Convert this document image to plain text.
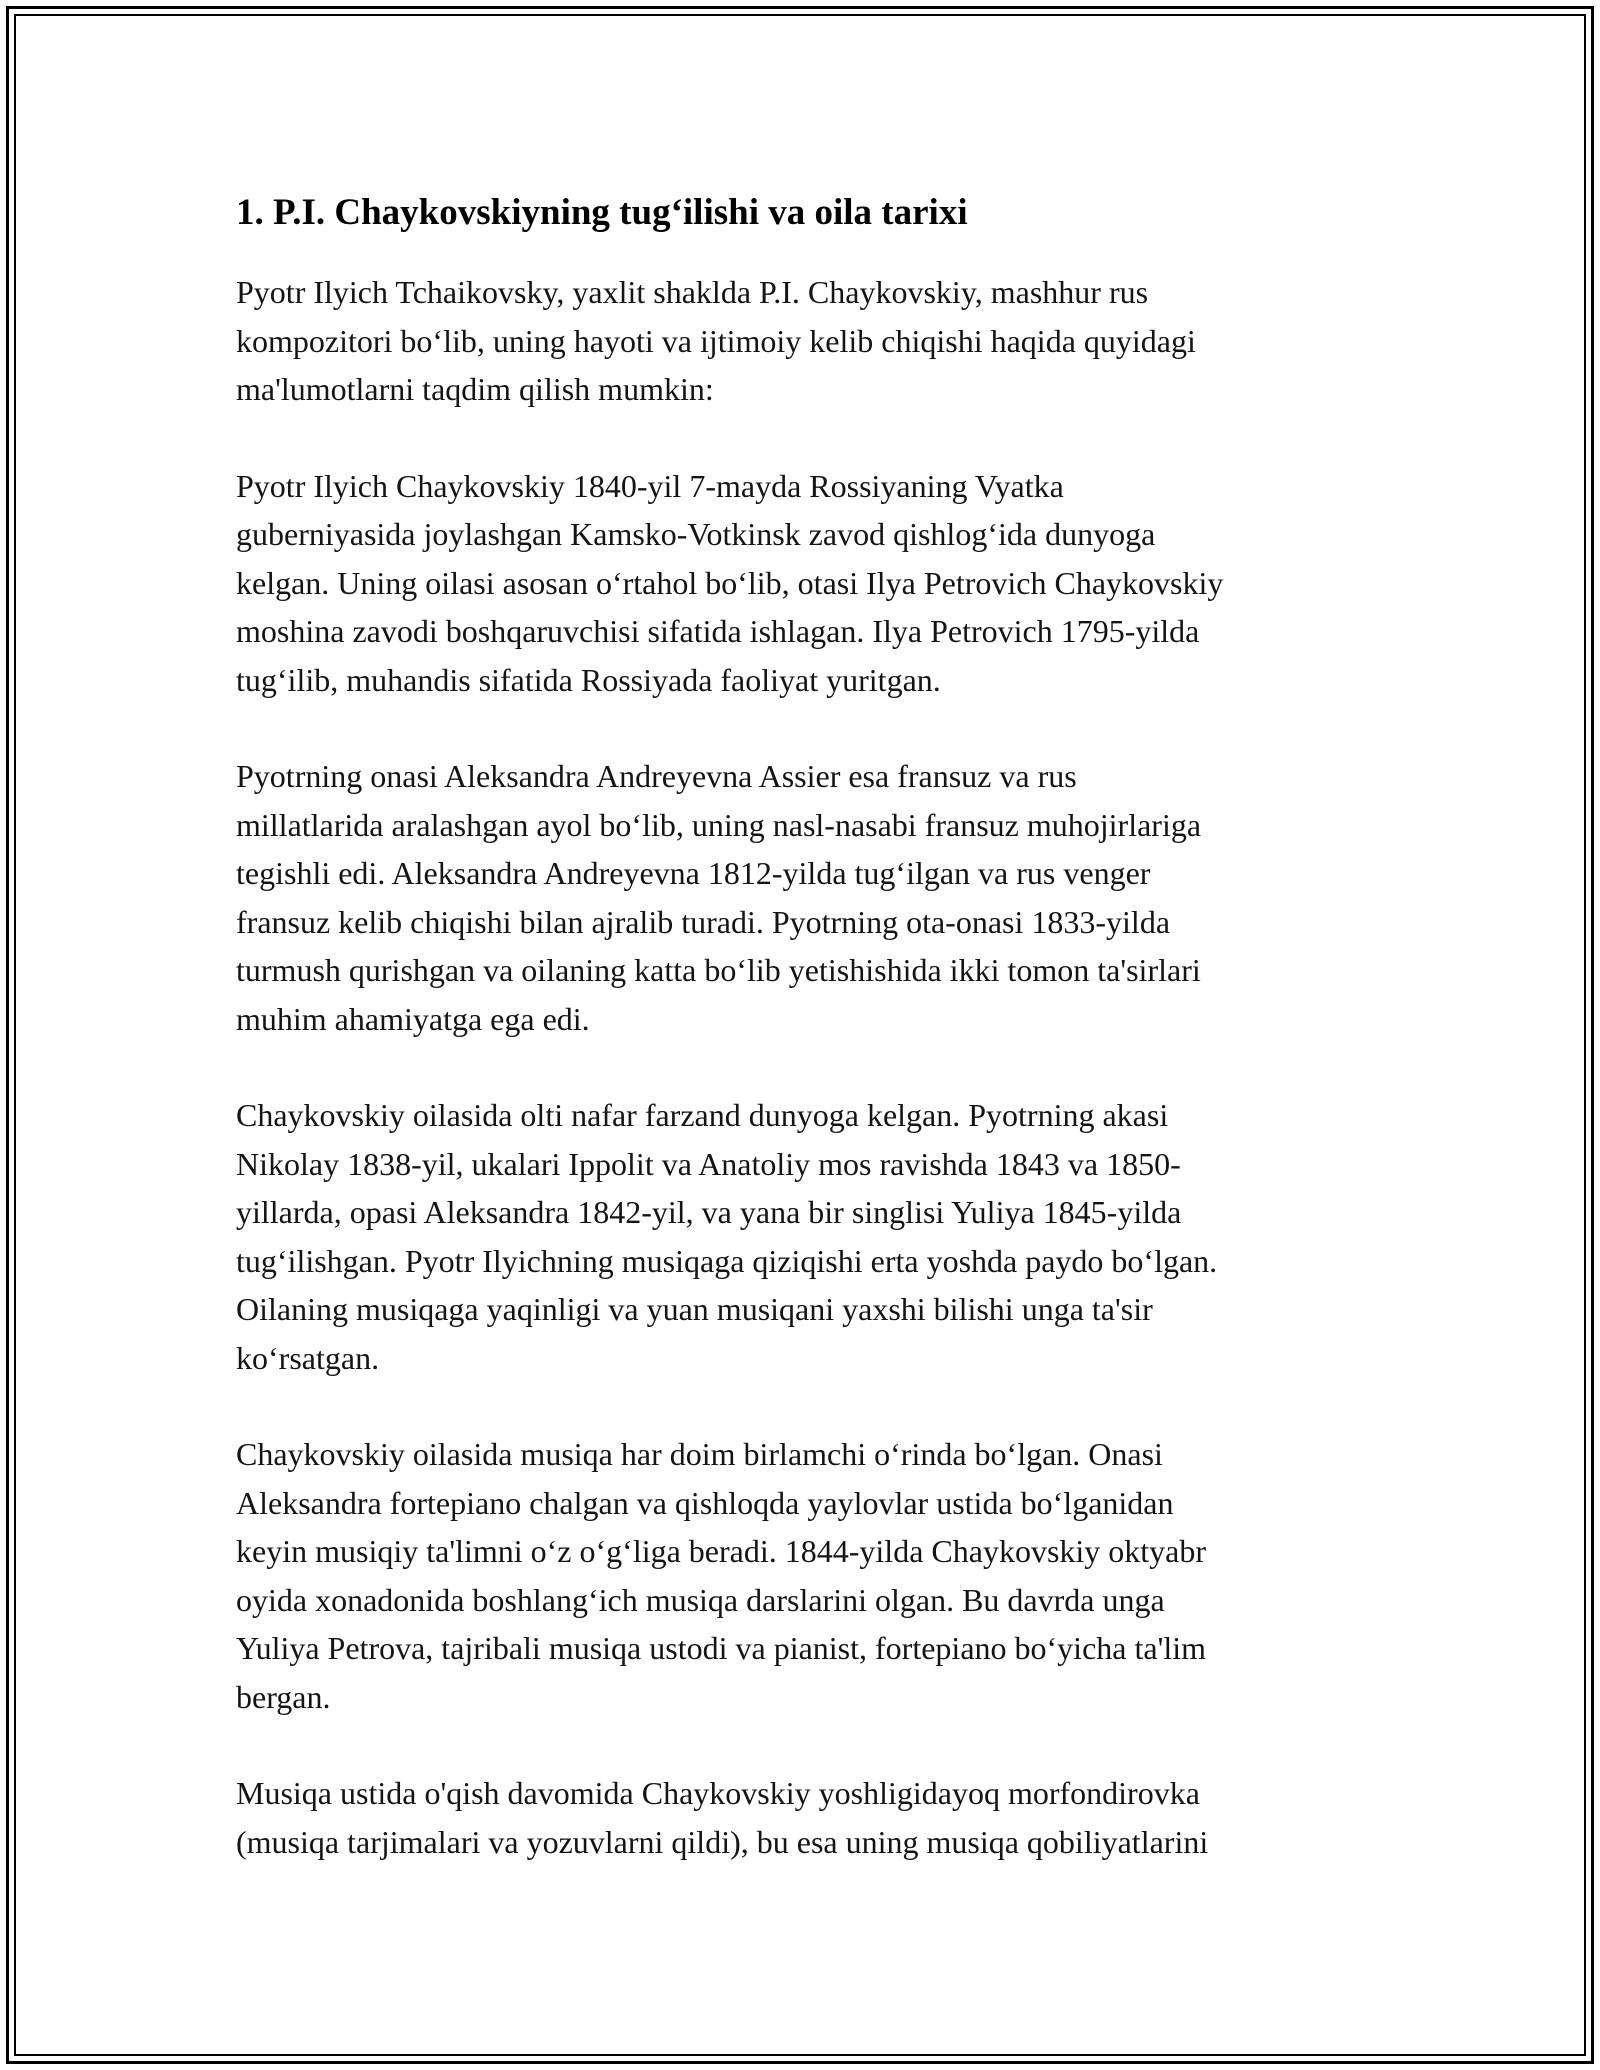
1. P.I. Chaykovskiyning tug‘ilishi va oila tarixi

Pyotr Ilyich Tchaikovsky, yaxlit shaklda P.I. Chaykovskiy, mashhur rus
kompozitori bo‘lib, uning hayoti va ijtimoiy kelib chiqishi haqida quyidagi
ma'lumotlarni taqdim qilish mumkin:

Pyotr Ilyich Chaykovskiy 1840-yil 7-mayda Rossiyaning Vyatka
guberniyasida joylashgan Kamsko-Votkinsk zavod qishlog‘ida dunyoga
kelgan. Uning oilasi asosan o‘rtahol bo‘lib, otasi Ilya Petrovich Chaykovskiy
moshina zavodi boshqaruvchisi sifatida ishlagan. Ilya Petrovich 1795-yilda
tug‘ilib, muhandis sifatida Rossiyada faoliyat yuritgan.

Pyotrning onasi Aleksandra Andreyevna Assier esa fransuz va rus
millatlarida aralashgan ayol bo‘lib, uning nasl-nasabi fransuz muhojirlariga
tegishli edi. Aleksandra Andreyevna 1812-yilda tug‘ilgan va rus venger
fransuz kelib chiqishi bilan ajralib turadi. Pyotrning ota-onasi 1833-yilda
turmush qurishgan va oilaning katta bo‘lib yetishishida ikki tomon ta'sirlari
muhim ahamiyatga ega edi.

Chaykovskiy oilasida olti nafar farzand dunyoga kelgan. Pyotrning akasi
Nikolay 1838-yil, ukalari Ippolit va Anatoliy mos ravishda 1843 va 1850-
yillarda, opasi Aleksandra 1842-yil, va yana bir singlisi Yuliya 1845-yilda
tug‘ilishgan. Pyotr Ilyichning musiqaga qiziqishi erta yoshda paydo bo‘lgan.
Oilaning musiqaga yaqinligi va yuan musiqani yaxshi bilishi unga ta'sir
ko‘rsatgan.

Chaykovskiy oilasida musiqa har doim birlamchi o‘rinda bo‘lgan. Onasi
Aleksandra fortepiano chalgan va qishloqda yaylovlar ustida bo‘lganidan
keyin musiqiy ta'limni o‘z o‘g‘liga beradi. 1844-yilda Chaykovskiy oktyabr
oyida xonadonida boshlang‘ich musiqa darslarini olgan. Bu davrda unga
Yuliya Petrova, tajribali musiqa ustodi va pianist, fortepiano bo‘yicha ta'lim
bergan.

Musiqa ustida o'qish davomida Chaykovskiy yoshligidayoq morfondirovka
(musiqa tarjimalari va yozuvlarni qildi), bu esa uning musiqa qobiliyatlarini
